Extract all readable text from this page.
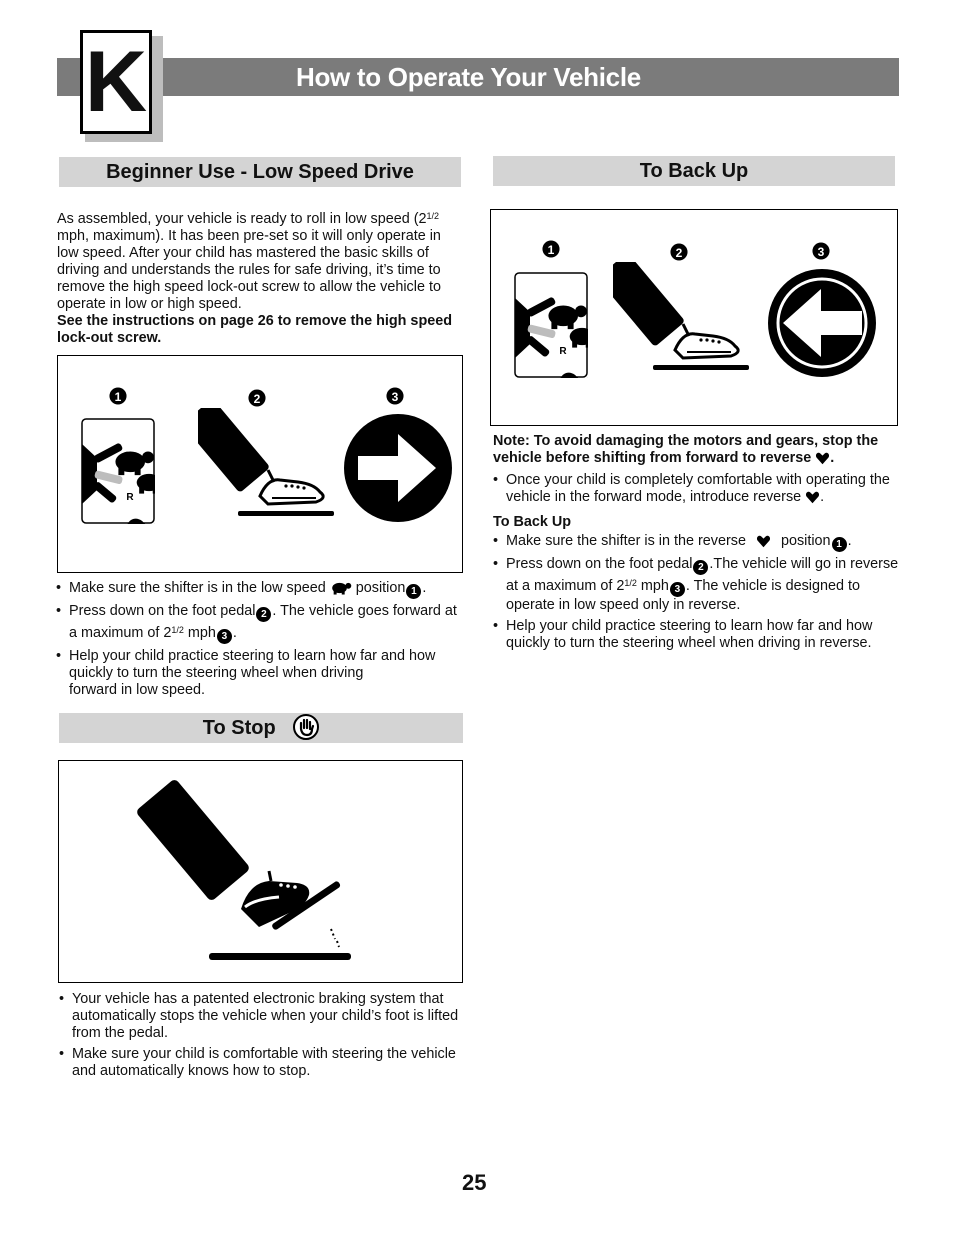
How to Operate Your Vehicle
K
Beginner Use - Low Speed Drive
As assembled, your vehicle is ready to roll in low speed ($2^{1/2}$ mph, maximum). It has been pre-set so it will only operate in low speed. After your child has mastered the basic skills of driving and understands the rules for safe driving, it’s time to remove the high speed lock-out screw to allow the vehicle to operate in low or high speed.
See the instructions on page 26 to remove the high speed lock-out screw.
1	2	3
R
• Make sure the shifter is in the low speed position 1 .
• Press down on the foot pedal 2 . The vehicle goes forward at a maximum of $2^{1/2}$ mph 3 .
• Help your child practice steering to learn how far and how quickly to turn the steering wheel when driving
forward in low speed.
To Stop
• Your vehicle has a patented electronic braking system that automatically stops the vehicle when your child’s foot is lifted from the pedal.
• Make sure your child is comfortable with steering the vehicle and automatically knows how to stop.
To Back Up
1	2	3
R
Note: To avoid damaging the motors and gears, stop the vehicle before shifting from forward to reverse .
• Once your child is completely comfortable with operating the vehicle in the forward mode, introduce reverse .
To Back Up
• Make sure the shifter is in the reverse position 1 .
• Press down on the foot pedal 2 .The vehicle will go in reverse at a maximum of $2^{1/2}$ mph 3 . The vehicle is designed to operate in low speed only in reverse.
• Help your child practice steering to learn how far and how quickly to turn the steering wheel when driving in reverse.
25
